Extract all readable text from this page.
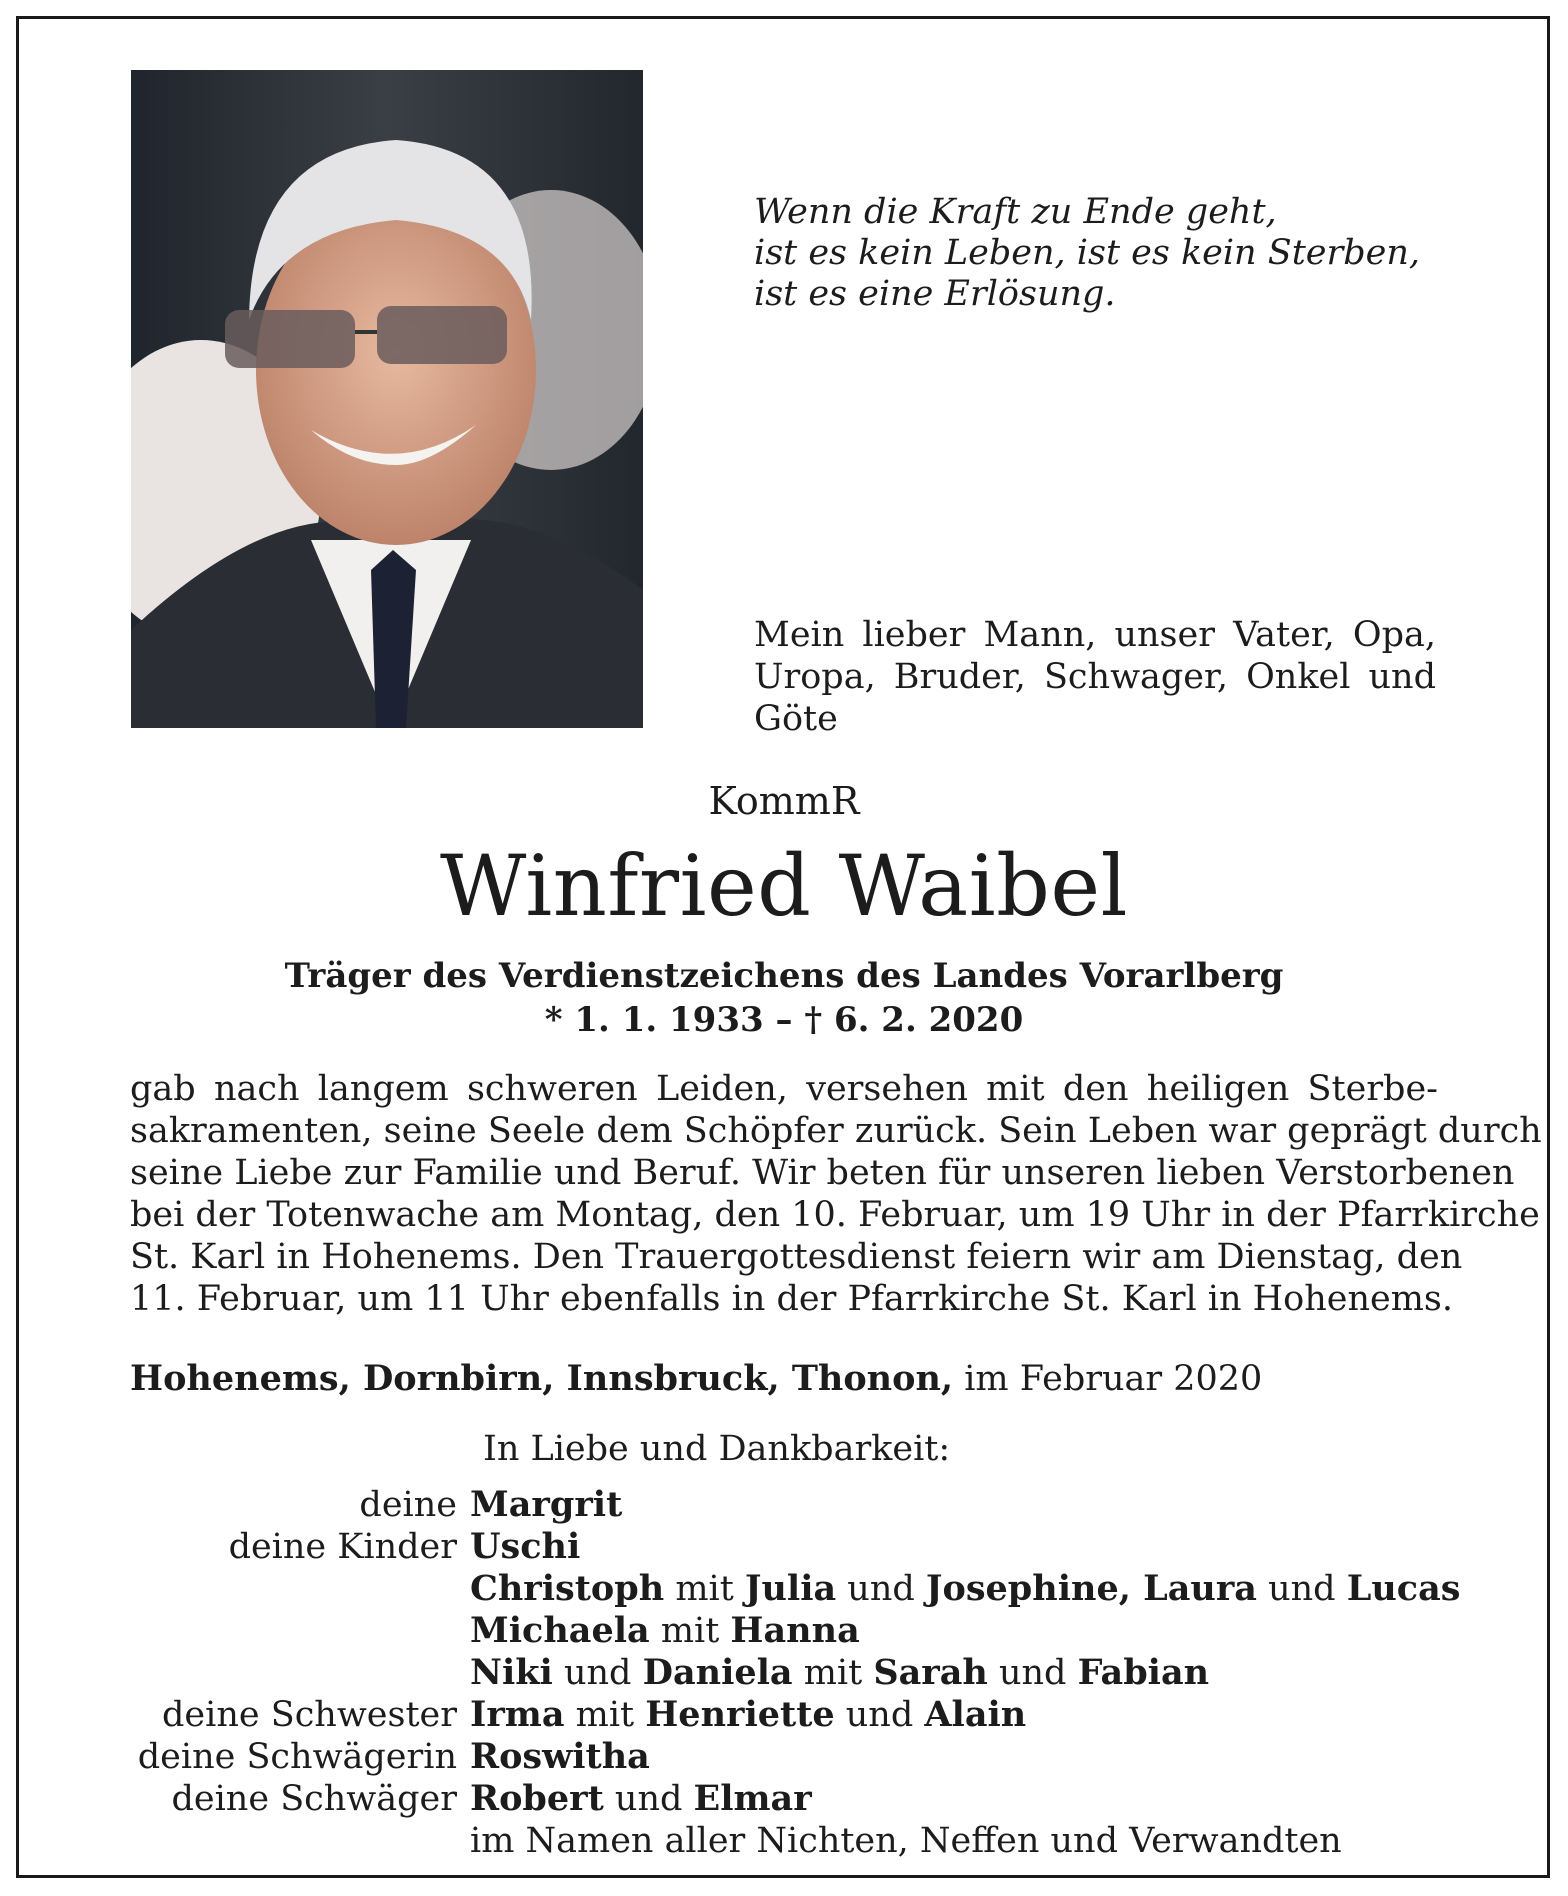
Wenn die Kraft zu Ende geht,
ist es kein Leben, ist es kein Sterben,
ist es eine Erlösung.

Mein lieber Mann, unser Vater, Opa, Uropa, Bruder, Schwager, Onkel und Göte

KommR

Winfried Waibel

Träger des Verdienstzeichens des Landes Vorarlberg

* 1. 1. 1933 – † 6. 2. 2020

gab nach langem schweren Leiden, versehen mit den heiligen Sterbe-
sakramenten, seine Seele dem Schöpfer zurück. Sein Leben war geprägt durch
seine Liebe zur Familie und Beruf. Wir beten für unseren lieben Verstorbenen
bei der Totenwache am Montag, den 10. Februar, um 19 Uhr in der Pfarrkirche
St. Karl in Hohenems. Den Trauergottesdienst feiern wir am Dienstag, den
11. Februar, um 11 Uhr ebenfalls in der Pfarrkirche St. Karl in Hohenems.

Hohenems, Dornbirn, Innsbruck, Thonon, im Februar 2020

In Liebe und Dankbarkeit:

deine Margrit
deine Kinder Uschi
Christoph mit Julia und Josephine, Laura und Lucas
Michaela mit Hanna
Niki und Daniela mit Sarah und Fabian
deine Schwester Irma mit Henriette und Alain
deine Schwägerin Roswitha
deine Schwäger Robert und Elmar
im Namen aller Nichten, Neffen und Verwandten
